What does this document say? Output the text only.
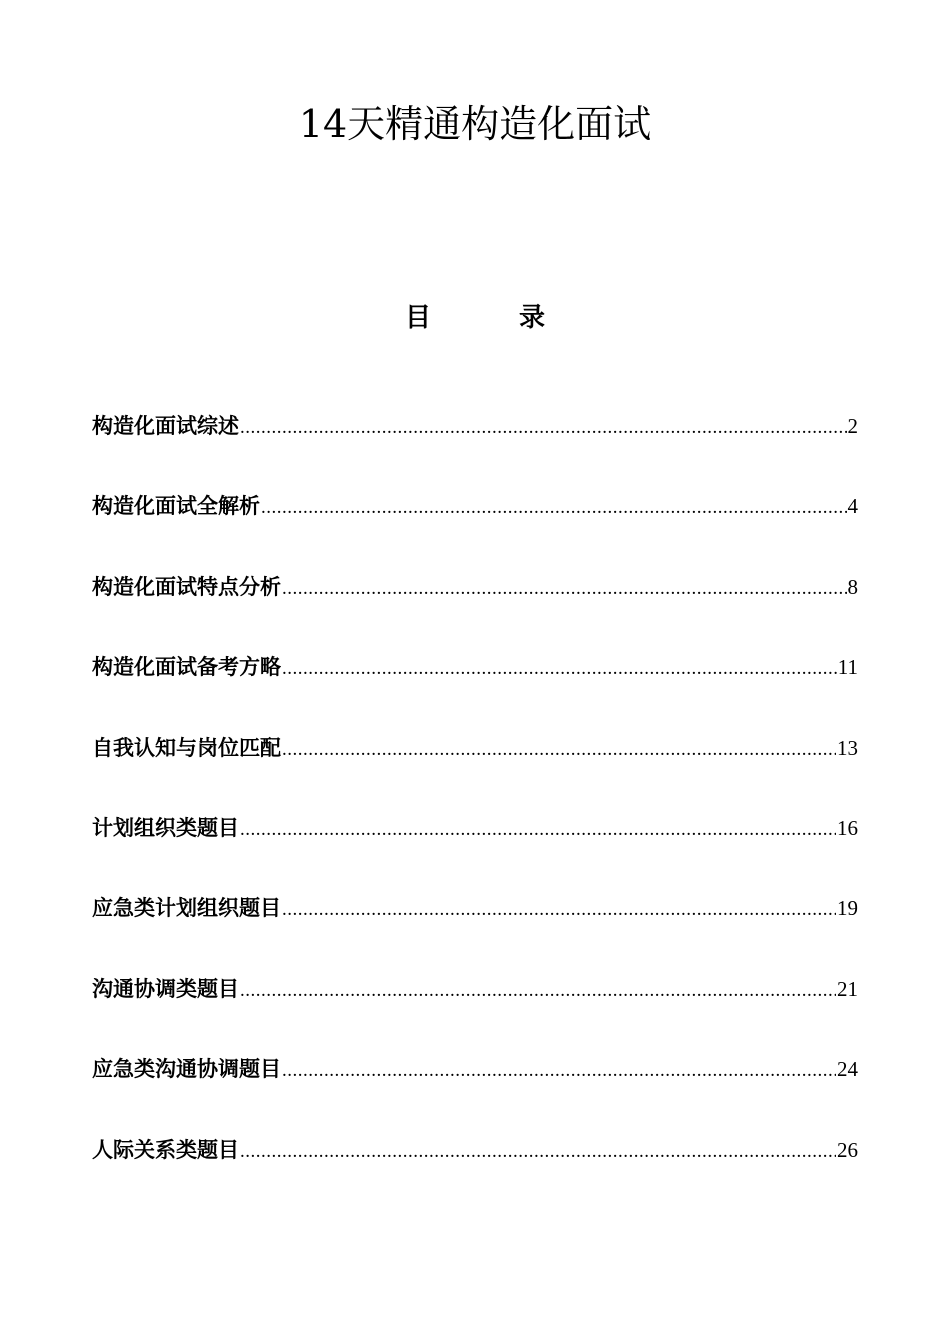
14天精通构造化面试
目	录
构造化面试综述 .....	2
构造化面试全解析 .....	4
构造化面试特点分析 .....	8
构造化面试备考方略 .....	11
自我认知与岗位匹配 .....	13
计划组织类题目 .....	16
应急类计划组织题目 .....	19
沟通协调类题目 .....	21
应急类沟通协调题目 .....	24
人际关系类题目 .....	26
